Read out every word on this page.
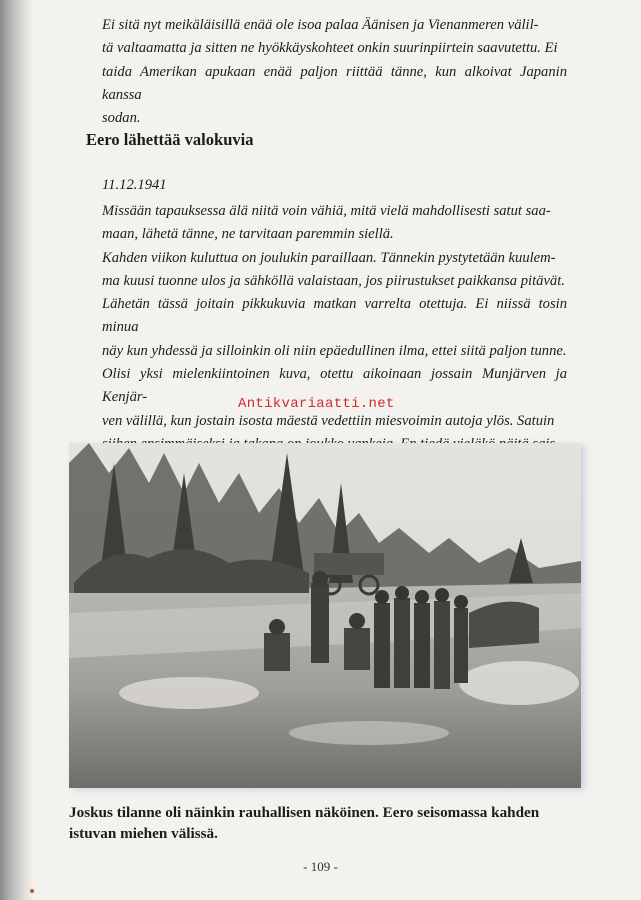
Ei sitä nyt meikäläisillä enää ole isoa palaa Äänisen ja Vienanmeren välil-
tä valtaamatta ja sitten ne hyökkäyskohteet onkin suurinpiirtein saavutettu. Ei
taida Amerikan apukaan enää paljon riittää tänne, kun alkoivat Japanin kanssa
sodan.

Eero lähettää valokuvia

11.12.1941

Missään tapauksessa älä niitä voin vähiä, mitä vielä mahdollisesti satut saa-
maan, lähetä tänne, ne tarvitaan paremmin siellä.
Kahden viikon kuluttua on joulukin paraillaan. Tännekin pystytetään kuulem-
ma kuusi tuonne ulos ja sähköllä valaistaan, jos piirustukset paikkansa pitävät.
Lähetän tässä joitain pikkukuvia matkan varrelta otettuja. Ei niissä tosin minua
näy kun yhdessä ja silloinkin oli niin epäedullinen ilma, ettei siitä paljon tunne.
Olisi yksi mielenkiintoinen kuva, otettu aikoinaan jossain Munjärven ja Kenjär-
ven välillä, kun jostain isosta mäestä vedettiin miesvoimin autoja ylös. Satuin

Antikvariaatti.net

Joskus tilanne oli näinkin rauhallisen näköinen. Eero seisomassa kahden
istuvan miehen välissä.

- 109 -
